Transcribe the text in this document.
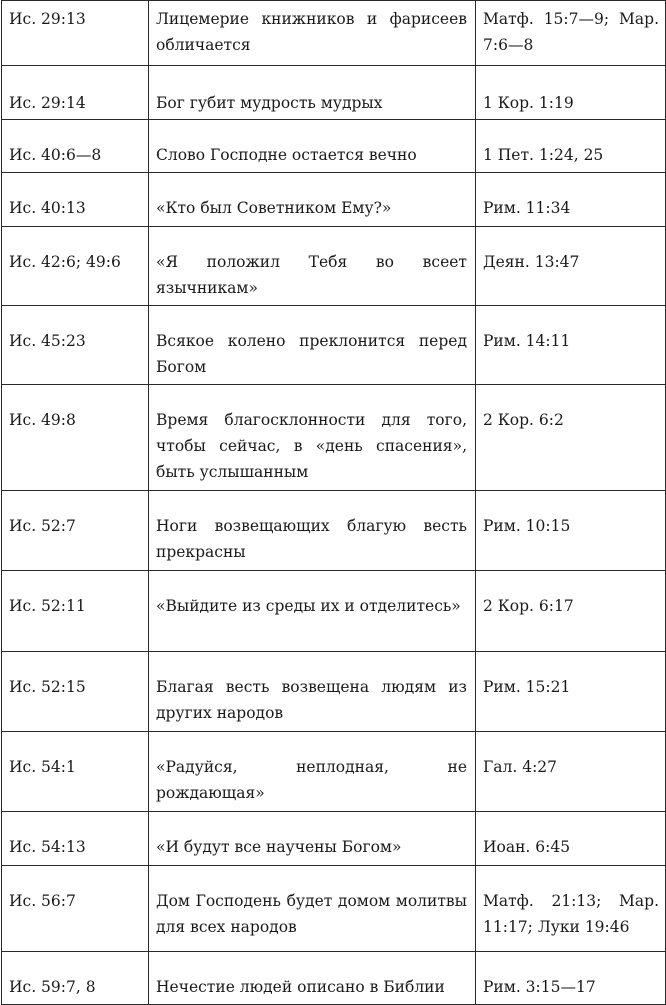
Ис. 29:13	Лицемерие книжников и фарисеев обличается	Матф. 15:7—9; Мар. 7:6—8
Ис. 29:14	Бог губит мудрость мудрых	1 Кор. 1:19
Ис. 40:6—8	Слово Господне остается вечно	1 Пет. 1:24, 25
Ис. 40:13	«Кто был Советником Ему?»	Рим. 11:34
Ис. 42:6; 49:6	«Я положил Тебя во всеет язычникам»	Деян. 13:47
Ис. 45:23	Всякое колено преклонится перед Богом	Рим. 14:11
Ис. 49:8	Время благосклонности для того, чтобы сейчас, в «день спасения», быть услышанным	2 Кор. 6:2
Ис. 52:7	Ноги возвещающих благую весть прекрасны	Рим. 10:15
Ис. 52:11	«Выйдите из среды их и отделитесь»	2 Кор. 6:17
Ис. 52:15	Благая весть возвещена людям из других народов	Рим. 15:21
Ис. 54:1	«Радуйся, неплодная, не рождающая»	Гал. 4:27
Ис. 54:13	«И будут все научены Богом»	Иоан. 6:45
Ис. 56:7	Дом Господень будет домом молитвы для всех народов	Матф. 21:13; Мар. 11:17; Луки 19:46
Ис. 59:7, 8	Нечестие людей описано в Библии	Рим. 3:15—17
